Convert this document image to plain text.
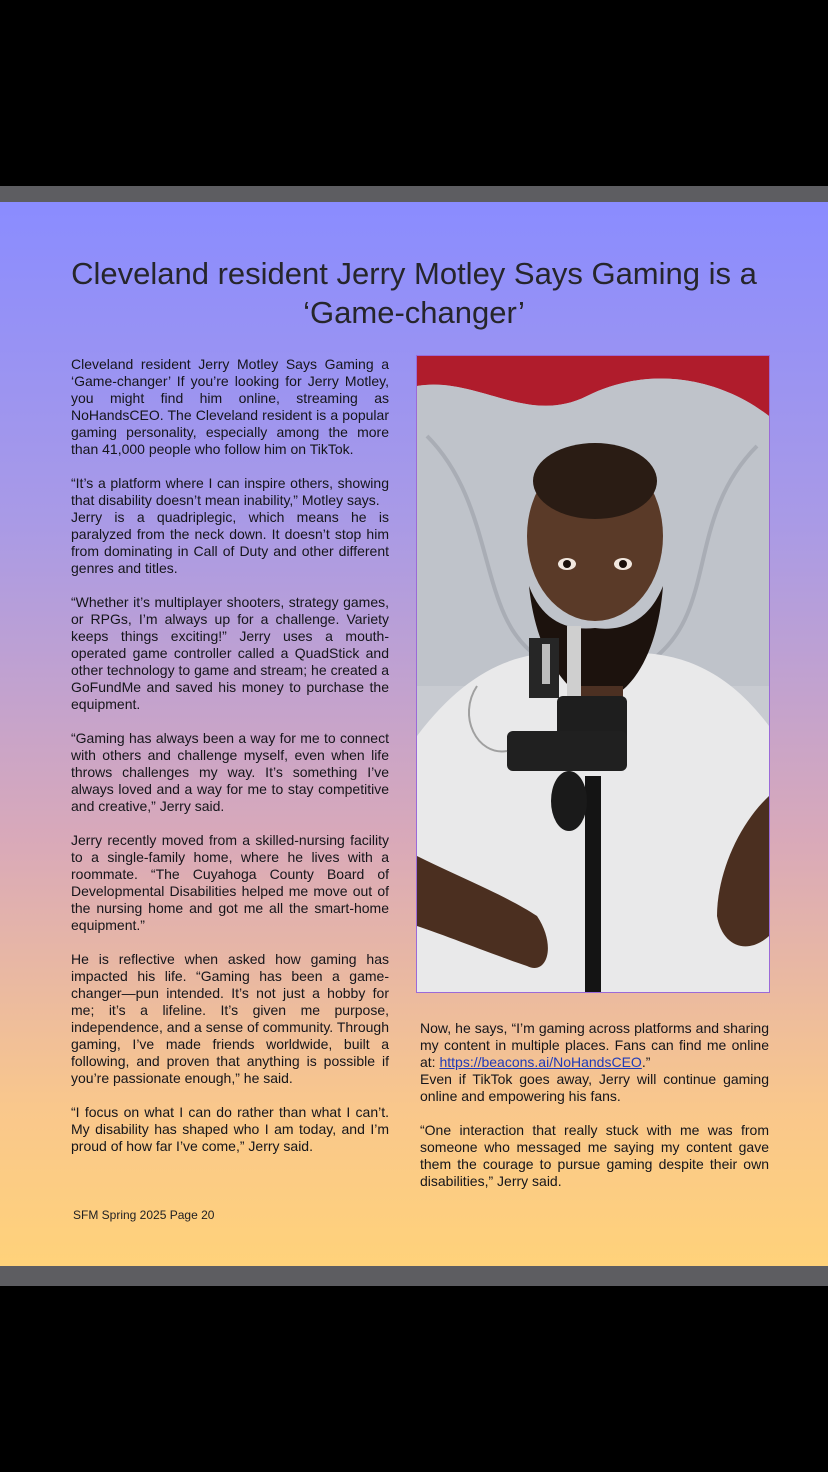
Cleveland resident Jerry Motley Says Gaming is a
‘Game-changer’

Cleveland resident Jerry Motley Says Gaming a ‘Game-changer’ If you’re looking for Jerry Motley, you might find him online, streaming as NoHandsCEO. The Cleveland resident is a popular gaming personality, especially among the more than 41,000 people who follow him on TikTok.

“It’s a platform where I can inspire others, showing that disability doesn’t mean inability,” Motley says.

Jerry is a quadriplegic, which means he is paralyzed from the neck down. It doesn’t stop him from dominating in Call of Duty and other different genres and titles.

“Whether it’s multiplayer shooters, strategy games, or RPGs, I’m always up for a challenge. Variety keeps things exciting!” Jerry uses a mouth-operated game controller called a QuadStick and other technology to game and stream; he created a GoFundMe and saved his money to purchase the equipment.

“Gaming has always been a way for me to connect with others and challenge myself, even when life throws challenges my way. It’s something I’ve always loved and a way for me to stay competitive and creative,” Jerry said.

Jerry recently moved from a skilled-nursing facility to a single-family home, where he lives with a roommate. “The Cuyahoga County Board of Developmental Disabilities helped me move out of the nursing home and got me all the smart-home equipment.”

He is reflective when asked how gaming has impacted his life. “Gaming has been a game-changer—pun intended. It’s not just a hobby for me; it’s a lifeline. It’s given me purpose, independence, and a sense of community. Through gaming, I’ve made friends worldwide, built a following, and proven that anything is possible if you’re passionate enough,” he said.

“I focus on what I can do rather than what I can’t. My disability has shaped who I am today, and I’m proud of how far I’ve come,” Jerry said.

Now, he says, “I’m gaming across platforms and sharing my content in multiple places. Fans can find me online at: https://beacons.ai/NoHandsCEO.”

Even if TikTok goes away, Jerry will continue gaming online and empowering his fans.

“One interaction that really stuck with me was from someone who messaged me saying my content gave them the courage to pursue gaming despite their own disabilities,” Jerry said.

SFM Spring 2025 Page 20
